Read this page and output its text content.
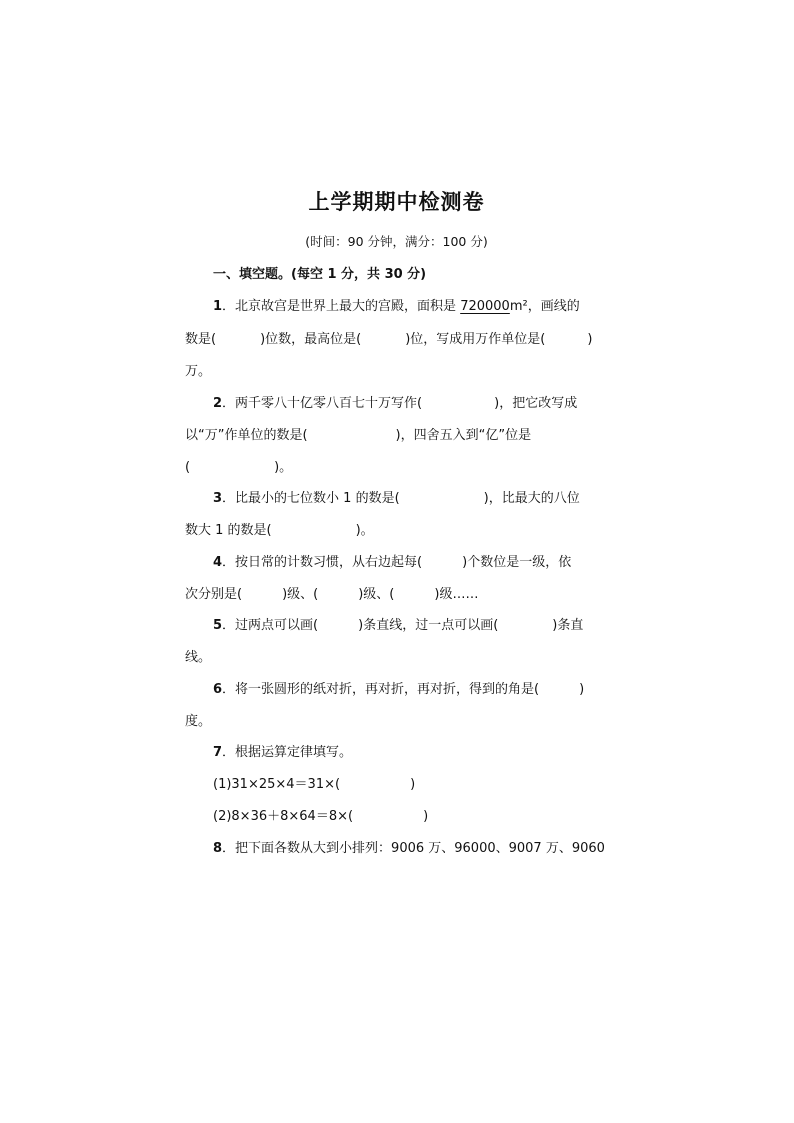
上学期期中检测卷
(时间：90 分钟，满分：100 分)
一、填空题。(每空 1 分，共 30 分)
1．北京故宫是世界上最大的宫殿，面积是 720000m²，画线的
数是(	)位数，最高位是(	)位，写成用万作单位是(	)
万。
2．两千零八十亿零八百七十万写作(	)，把它改写成
以“万”作单位的数是(	)，四舍五入到“亿”位是
(	)。
3．比最小的七位数小 1 的数是(	)，比最大的八位
数大 1 的数是(	)。
4．按日常的计数习惯，从右边起每(	)个数位是一级，依
次分别是(	)级、(	)级、(	)级……
5．过两点可以画(	)条直线，过一点可以画(	)条直
线。
6．将一张圆形的纸对折，再对折，再对折，得到的角是(	)
度。
7．根据运算定律填写。
(1)31×25×4＝31×(	)
(2)8×36＋8×64＝8×(	)
8．把下面各数从大到小排列：9006 万、96000、9007 万、9060
